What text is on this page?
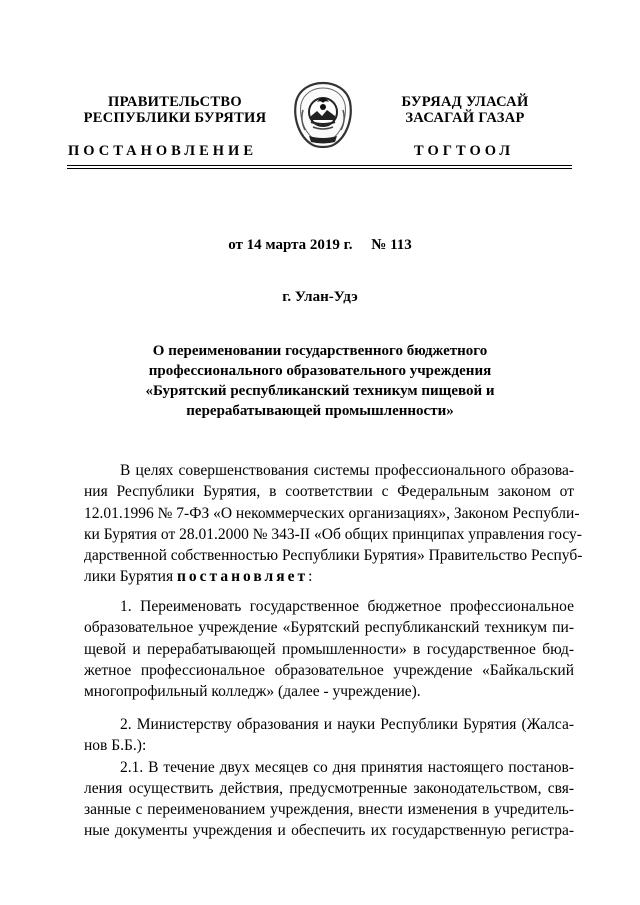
ПРАВИТЕЛЬСТВО
РЕСПУБЛИКИ БУРЯТИЯ
БУРЯАД УЛАСАЙ
ЗАСАГАЙ ГАЗАР
ПОСТАНОВЛЕНИЕ	ТОГТООЛ
от 14 марта 2019 г.     № 113
г. Улан-Удэ
О переименовании государственного бюджетного
профессионального образовательного учреждения
«Бурятский республиканский техникум пищевой и
перерабатывающей промышленности»
В целях совершенствования системы профессионального образова-
ния Республики Бурятия, в соответствии с Федеральным законом от
12.01.1996 № 7-ФЗ «О некоммерческих организациях», Законом Республи-
ки Бурятия от 28.01.2000 № 343-II «Об общих принципах управления госу-
дарственной собственностью Республики Бурятия» Правительство Респуб-
лики Бурятия постановляет:
1. Переименовать государственное бюджетное профессиональное
образовательное учреждение «Бурятский республиканский техникум пи-
щевой и перерабатывающей промышленности» в государственное бюд-
жетное профессиональное образовательное учреждение «Байкальский
многопрофильный колледж» (далее - учреждение).
2. Министерству образования и науки Республики Бурятия (Жалса-
нов Б.Б.):
2.1. В течение двух месяцев со дня принятия настоящего постанов-
ления осуществить действия, предусмотренные законодательством, свя-
занные с переименованием учреждения, внести изменения в учредитель-
ные документы учреждения и обеспечить их государственную регистра-
